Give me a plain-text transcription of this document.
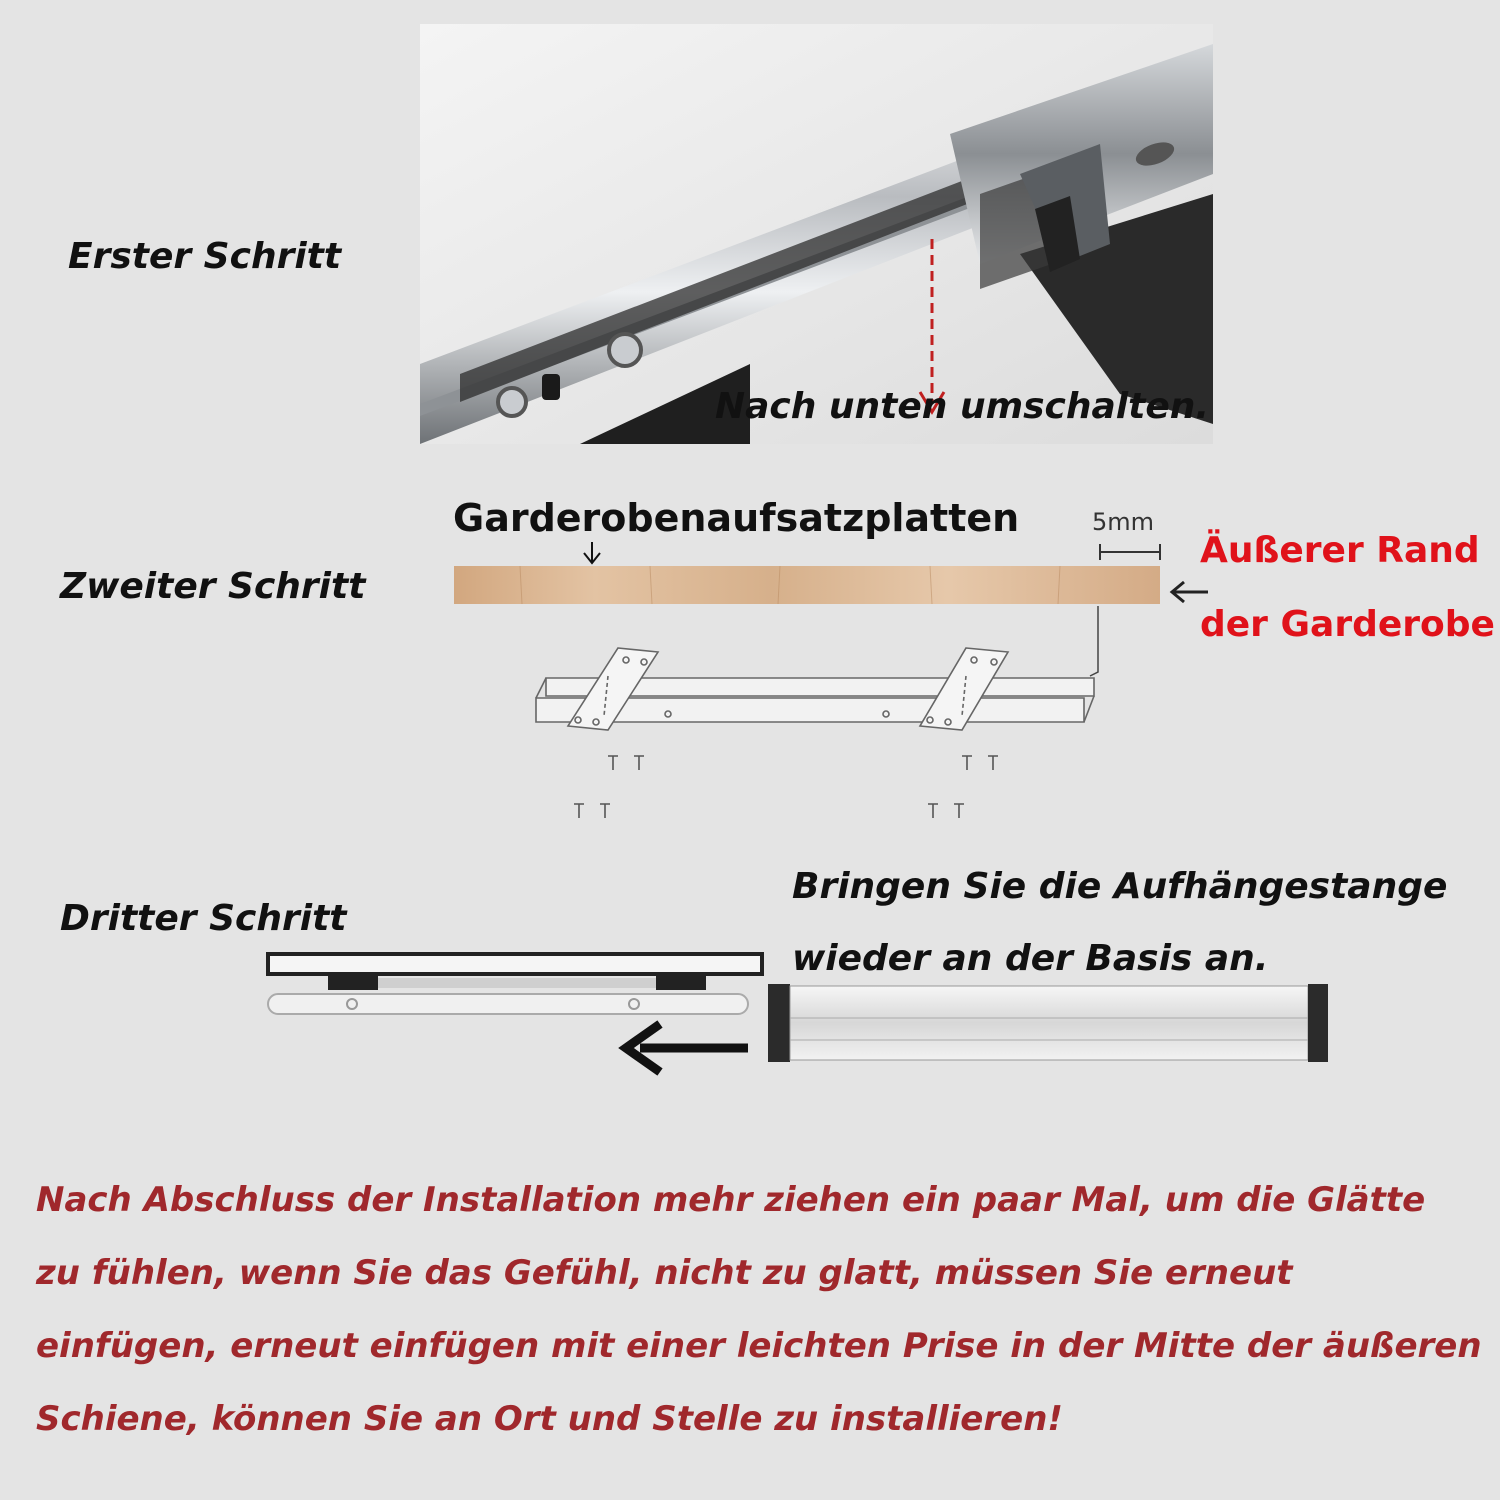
Erster Schritt
Nach unten umschalten.
Zweiter Schritt
Garderobenaufsatzplatten	5mm
Äußerer Rand
der Garderobe
Dritter Schritt
Bringen Sie die Aufhängestange
wieder an der Basis an.
Nach Abschluss der Installation mehr ziehen ein paar Mal, um die Glätte
zu fühlen, wenn Sie das Gefühl, nicht zu glatt, müssen Sie erneut
einfügen, erneut einfügen mit einer leichten Prise in der Mitte der äußeren
Schiene, können Sie an Ort und Stelle zu installieren!
